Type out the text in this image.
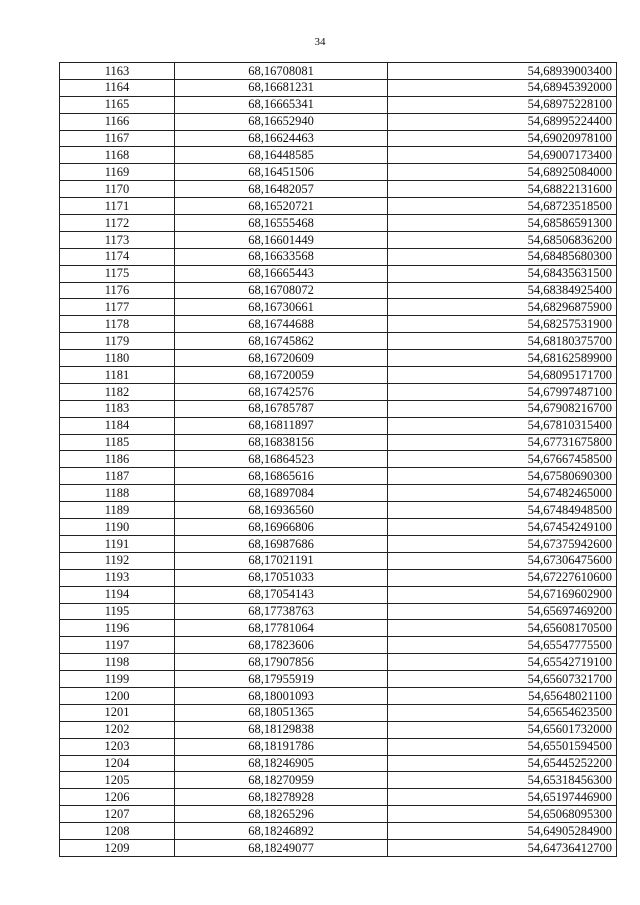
34
1163	68,16708081	54,68939003400
1164	68,16681231	54,68945392000
1165	68,16665341	54,68975228100
1166	68,16652940	54,68995224400
1167	68,16624463	54,69020978100
1168	68,16448585	54,69007173400
1169	68,16451506	54,68925084000
1170	68,16482057	54,68822131600
1171	68,16520721	54,68723518500
1172	68,16555468	54,68586591300
1173	68,16601449	54,68506836200
1174	68,16633568	54,68485680300
1175	68,16665443	54,68435631500
1176	68,16708072	54,68384925400
1177	68,16730661	54,68296875900
1178	68,16744688	54,68257531900
1179	68,16745862	54,68180375700
1180	68,16720609	54,68162589900
1181	68,16720059	54,68095171700
1182	68,16742576	54,67997487100
1183	68,16785787	54,67908216700
1184	68,16811897	54,67810315400
1185	68,16838156	54,67731675800
1186	68,16864523	54,67667458500
1187	68,16865616	54,67580690300
1188	68,16897084	54,67482465000
1189	68,16936560	54,67484948500
1190	68,16966806	54,67454249100
1191	68,16987686	54,67375942600
1192	68,17021191	54,67306475600
1193	68,17051033	54,67227610600
1194	68,17054143	54,67169602900
1195	68,17738763	54,65697469200
1196	68,17781064	54,65608170500
1197	68,17823606	54,65547775500
1198	68,17907856	54,65542719100
1199	68,17955919	54,65607321700
1200	68,18001093	54,65648021100
1201	68,18051365	54,65654623500
1202	68,18129838	54,65601732000
1203	68,18191786	54,65501594500
1204	68,18246905	54,65445252200
1205	68,18270959	54,65318456300
1206	68,18278928	54,65197446900
1207	68,18265296	54,65068095300
1208	68,18246892	54,64905284900
1209	68,18249077	54,64736412700
